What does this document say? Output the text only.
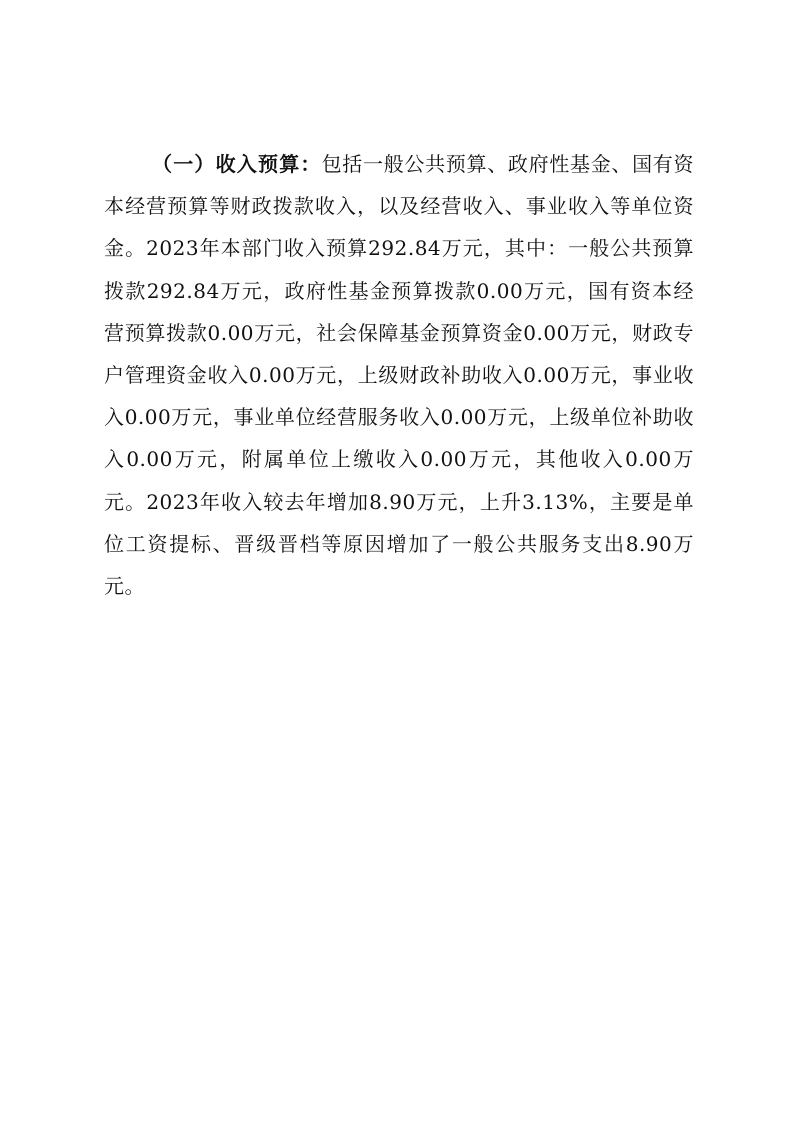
（一）收入预算：包括一般公共预算、政府性基金、国有资本经营预算等财政拨款收入，以及经营收入、事业收入等单位资金。2023年本部门收入预算292.84万元，其中：一般公共预算拨款292.84万元，政府性基金预算拨款0.00万元，国有资本经营预算拨款0.00万元，社会保障基金预算资金0.00万元，财政专户管理资金收入0.00万元，上级财政补助收入0.00万元，事业收入0.00万元，事业单位经营服务收入0.00万元，上级单位补助收入0.00万元，附属单位上缴收入0.00万元，其他收入0.00万元。2023年收入较去年增加8.90万元，上升3.13%，主要是单位工资提标、晋级晋档等原因增加了一般公共服务支出8.90万元。
